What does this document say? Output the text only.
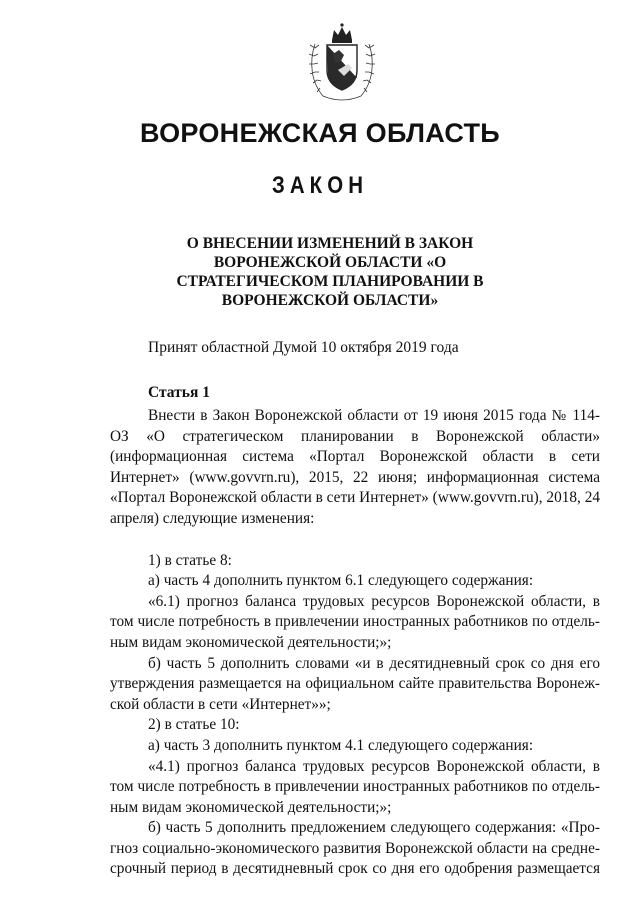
ВОРОНЕЖСКАЯ ОБЛАСТЬ
ЗАКОН
О ВНЕСЕНИИ ИЗМЕНЕНИЙ В ЗАКОН ВОРОНЕЖСКОЙ ОБЛАСТИ «О СТРАТЕГИЧЕСКОМ ПЛАНИРОВАНИИ В ВОРОНЕЖСКОЙ ОБЛАСТИ»
Принят областной Думой 10 октября 2019 года
Статья 1

Внести в Закон Воронежской области от 19 июня 2015 года № 114-ОЗ «О стратегическом планировании в Воронежской области» (информационная система «Портал Воронежской области в сети Интернет» (www.govvrn.ru), 2015, 22 июня; информационная система «Портал Воронежской области в сети Интернет» (www.govvrn.ru), 2018, 24 апреля) следующие изменения:

1) в статье 8:

а) часть 4 дополнить пунктом 6.1 следующего содержания:

«6.1) прогноз баланса трудовых ресурсов Воронежской области, в том числе потребность в привлечении иностранных работников по отдельным видам экономической деятельности;»;

б) часть 5 дополнить словами «и в десятидневный срок со дня его утверждения размещается на официальном сайте правительства Воронежской области в сети «Интернет»»;

2) в статье 10:

а) часть 3 дополнить пунктом 4.1 следующего содержания:

«4.1) прогноз баланса трудовых ресурсов Воронежской области, в том числе потребность в привлечении иностранных работников по отдельным видам экономической деятельности;»;

б) часть 5 дополнить предложением следующего содержания: «Прогноз социально-экономического развития Воронежской области на среднесрочный период в десятидневный срок со дня его одобрения размещается
